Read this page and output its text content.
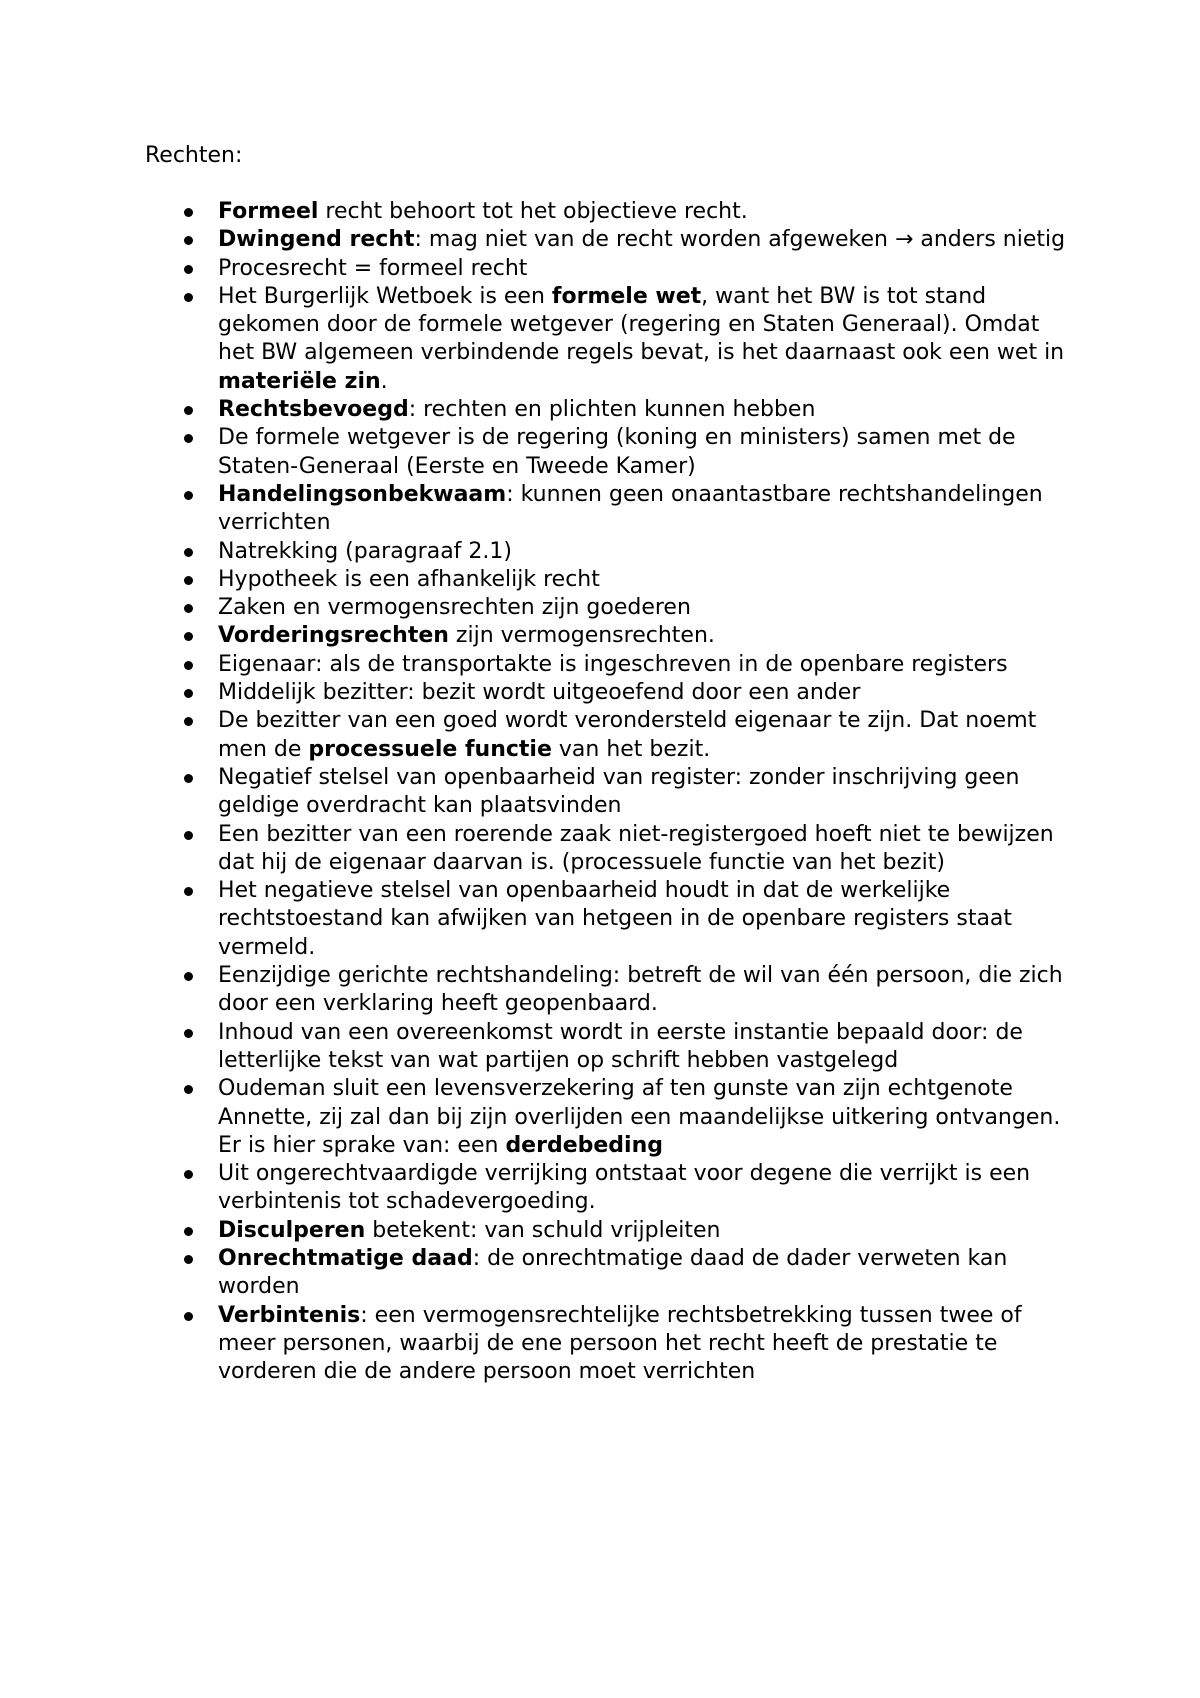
Rechten:
Formeel recht behoort tot het objectieve recht.
Dwingend recht: mag niet van de recht worden afgeweken → anders nietig
Procesrecht = formeel recht
Het Burgerlijk Wetboek is een formele wet, want het BW is tot stand gekomen door de formele wetgever (regering en Staten Generaal). Omdat het BW algemeen verbindende regels bevat, is het daarnaast ook een wet in materiële zin.
Rechtsbevoegd: rechten en plichten kunnen hebben
De formele wetgever is de regering (koning en ministers) samen met de Staten-Generaal (Eerste en Tweede Kamer)
Handelingsonbekwaam: kunnen geen onaantastbare rechtshandelingen verrichten
Natrekking (paragraaf 2.1)
Hypotheek is een afhankelijk recht
Zaken en vermogensrechten zijn goederen
Vorderingsrechten zijn vermogensrechten.
Eigenaar: als de transportakte is ingeschreven in de openbare registers
Middelijk bezitter: bezit wordt uitgeoefend door een ander
De bezitter van een goed wordt verondersteld eigenaar te zijn. Dat noemt men de processuele functie van het bezit.
Negatief stelsel van openbaarheid van register: zonder inschrijving geen geldige overdracht kan plaatsvinden
Een bezitter van een roerende zaak niet-registergoed hoeft niet te bewijzen dat hij de eigenaar daarvan is. (processuele functie van het bezit)
Het negatieve stelsel van openbaarheid houdt in dat de werkelijke rechtstoestand kan afwijken van hetgeen in de openbare registers staat vermeld.
Eenzijdige gerichte rechtshandeling: betreft de wil van één persoon, die zich door een verklaring heeft geopenbaard.
Inhoud van een overeenkomst wordt in eerste instantie bepaald door: de letterlijke tekst van wat partijen op schrift hebben vastgelegd
Oudeman sluit een levensverzekering af ten gunste van zijn echtgenote Annette, zij zal dan bij zijn overlijden een maandelijkse uitkering ontvangen. Er is hier sprake van: een derdebeding
Uit ongerechtvaardigde verrijking ontstaat voor degene die verrijkt is een verbintenis tot schadevergoeding.
Disculperen betekent: van schuld vrijpleiten
Onrechtmatige daad: de onrechtmatige daad de dader verweten kan worden
Verbintenis: een vermogensrechtelijke rechtsbetrekking tussen twee of meer personen, waarbij de ene persoon het recht heeft de prestatie te vorderen die de andere persoon moet verrichten
